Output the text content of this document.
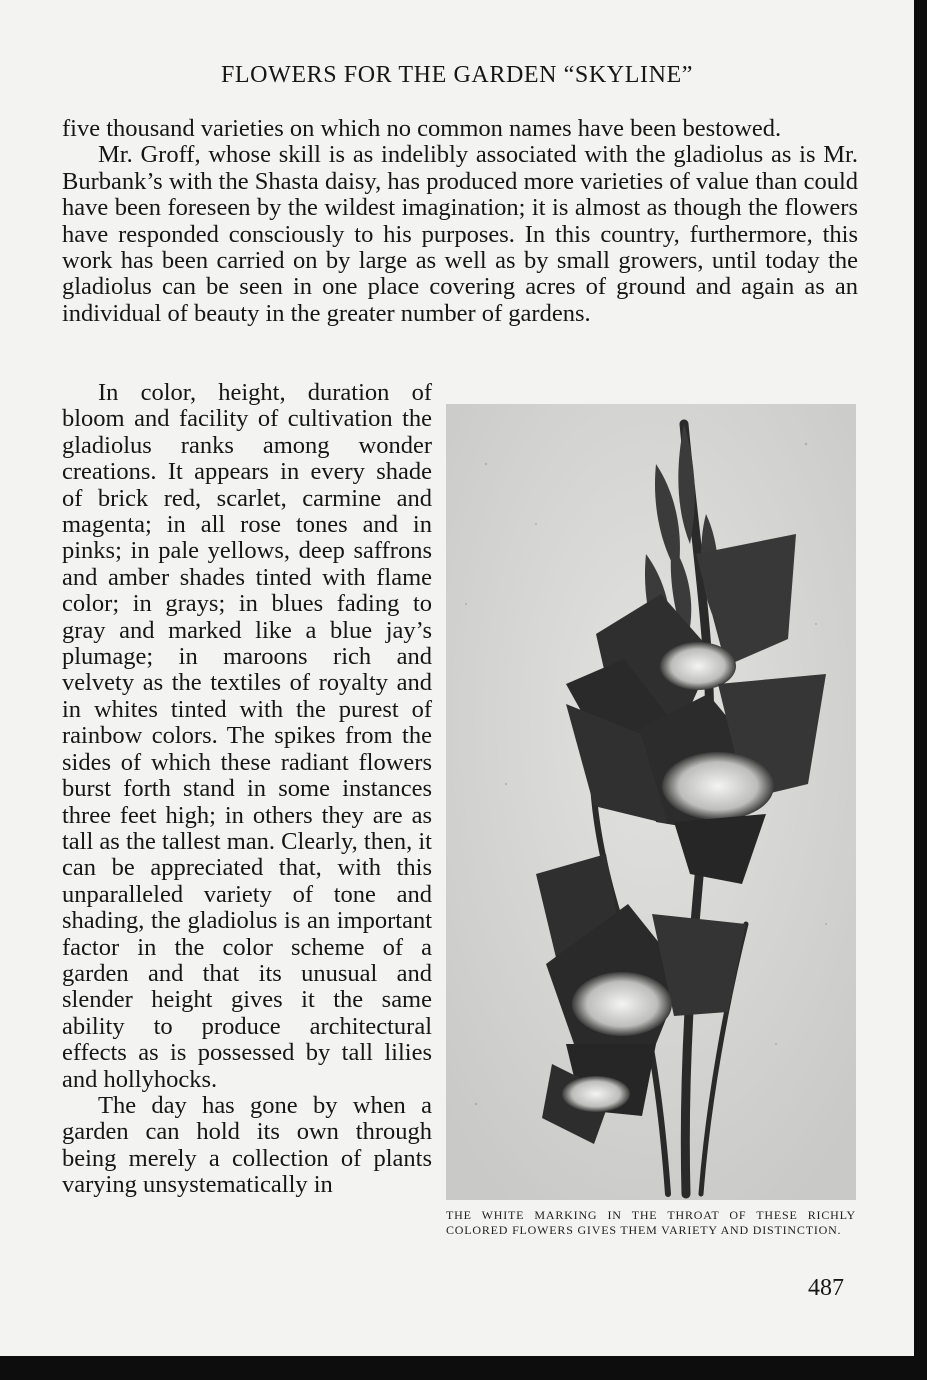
FLOWERS FOR THE GARDEN “SKYLINE”

five thousand varieties on which no common names have been bestowed.

Mr. Groff, whose skill is as indelibly associated with the gladiolus as is Mr. Burbank’s with the Shasta daisy, has produced more varieties of value than could have been foreseen by the wildest imagination; it is almost as though the flowers have responded consciously to his purposes. In this country, furthermore, this work has been carried on by large as well as by small growers, until today the gladiolus can be seen in one place covering acres of ground and again as an individual of beauty in the greater number of gardens.

In color, height, duration of bloom and facility of cultivation the gladiolus ranks among wonder creations. It appears in every shade of brick red, scarlet, carmine and magenta; in all rose tones and in pinks; in pale yellows, deep saffrons and amber shades tinted with flame color; in grays; in blues fading to gray and marked like a blue jay’s plumage; in maroons rich and velvety as the textiles of royalty and in whites tinted with the purest of rainbow colors. The spikes from the sides of which these radiant flowers burst forth stand in some instances three feet high; in others they are as tall as the tallest man. Clearly, then, it can be appreciated that, with this unparalleled variety of tone and shading, the gladiolus is an important factor in the color scheme of a garden and that its unusual and slender height gives it the same ability to produce architectural effects as is possessed by tall lilies and hollyhocks.

The day has gone by when a garden can hold its own through being merely a collection of plants varying unsystematically in

THE WHITE MARKING IN THE THROAT OF THESE RICHLY COLORED FLOWERS GIVES THEM VARIETY AND DISTINCTION.
487
